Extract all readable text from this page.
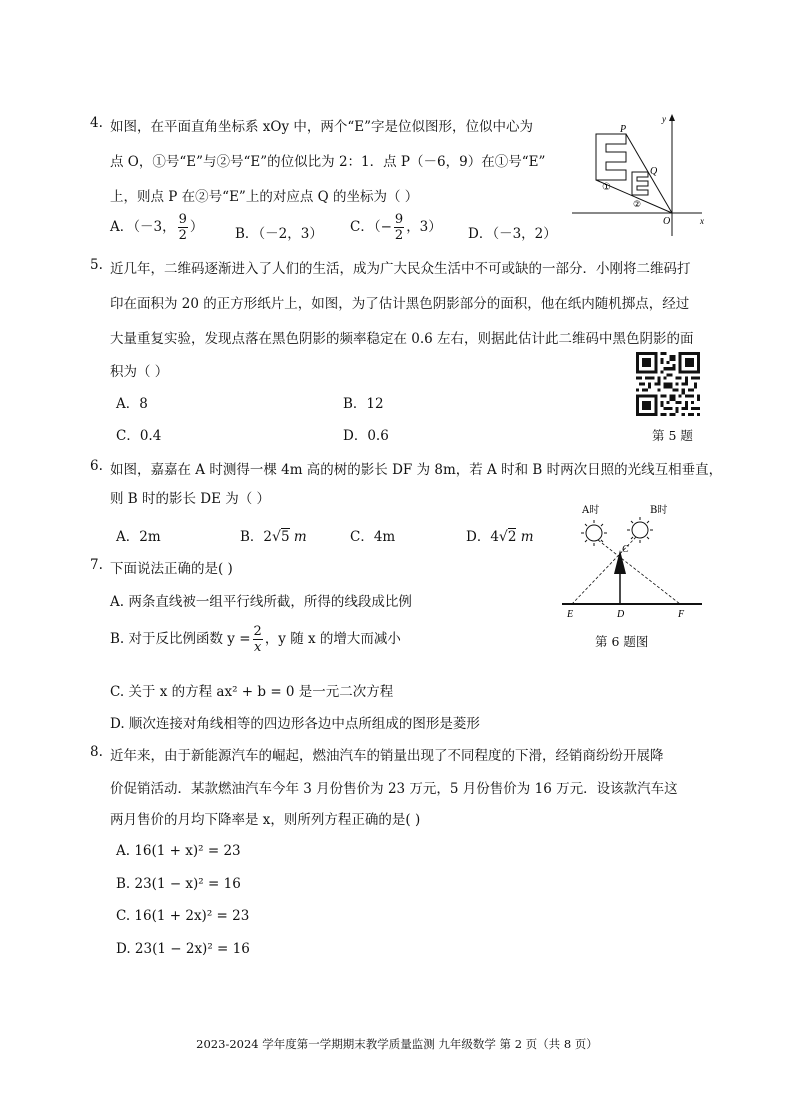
4. 如图，在平面直角坐标系 xOy 中，两个“E”字是位似图形，位似中心为
点 O，①号“E”与②号“E”的位似比为 2：1．点 P（－6，9）在①号“E”
上，则点 P 在②号“E”上的对应点 Q 的坐标为（ ）
A．（－3， $\frac{9}{2}$ ） B．（－2，3） C．（− $\frac{9}{2}$ ，3） D．（－3，2）
P
Q
O	x
y
①
②
5. 近几年，二维码逐渐进入了人们的生活，成为广大民众生活中不可或缺的一部分．小刚将二维码打
印在面积为 20 的正方形纸片上，如图，为了估计黑色阴影部分的面积，他在纸内随机掷点，经过
大量重复实验，发现点落在黑色阴影的频率稳定在 0.6 左右，则据此估计此二维码中黑色阴影的面
积为（ ）
A．8	B．12
C．0.4	D．0.6	第 5 题
6. 如图，嘉嘉在 A 时测得一棵 4m 高的树的影长 DF 为 8m，若 A 时和 B 时两次日照的光线互相垂直，
则 B 时的影长 DE 为（ ）
A．2m	B．2√5 m	C．4m	D．4√2 m
A时	B时
C
D
E	F
第 6 题图
7. 下面说法正确的是( )
A. 两条直线被一组平行线所截，所得的线段成比例
B. 对于反比例函数 $y = \frac{2}{x}$ ，y 随 x 的增大而减小
C. 关于 x 的方程 ax² + b = 0 是一元二次方程
D. 顺次连接对角线相等的四边形各边中点所组成的图形是菱形
8. 近年来，由于新能源汽车的崛起，燃油汽车的销量出现了不同程度的下滑，经销商纷纷开展降
价促销活动．某款燃油汽车今年 3 月份售价为 23 万元，5 月份售价为 16 万元．设该款汽车这
两月售价的月均下降率是 x，则所列方程正确的是( )
A. 16(1 + x)² = 23
B. 23(1 − x)² = 16
C. 16(1 + 2x)² = 23
D. 23(1 − 2x)² = 16
2023-2024 学年度第一学期期末教学质量监测 九年级数学 第 2 页（共 8 页）
